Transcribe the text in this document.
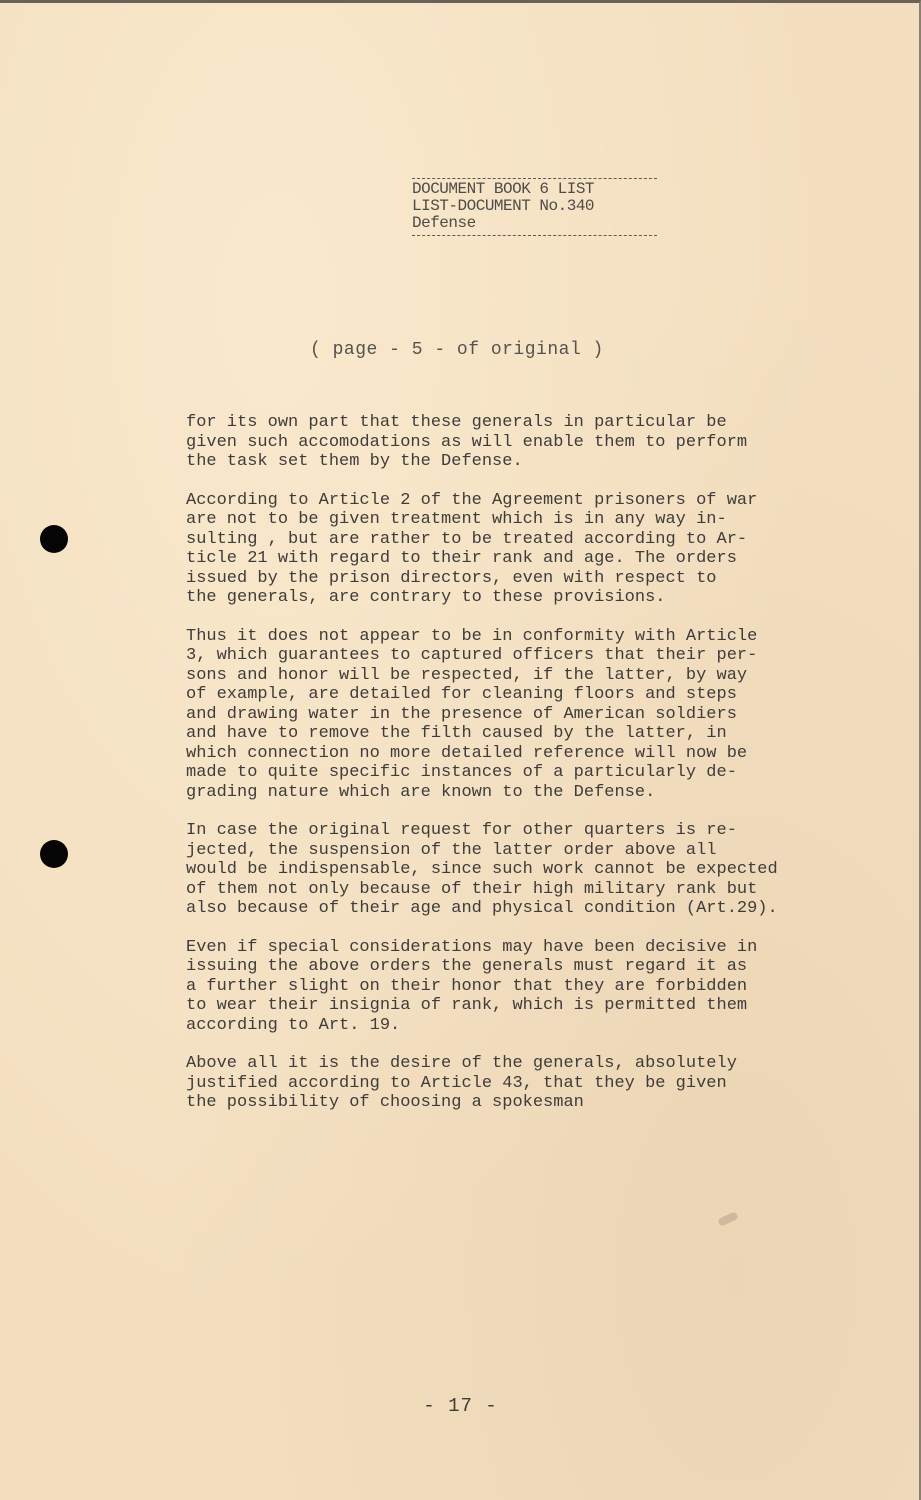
DOCUMENT BOOK 6 LIST
LIST-DOCUMENT No.340
Defense
( page - 5 - of original )
for its own part that these generals in particular be
given such accomodations as will enable them to perform
the task set them by the Defense.
According to Article 2 of the Agreement prisoners of war
are not to be given treatment which is in any way in-
sulting , but are rather to be treated according to Ar-
ticle 21 with regard to their rank and age. The orders
issued by the prison directors, even with respect to
the generals, are contrary to these provisions.
Thus it does not appear to be in conformity with Article
3, which guarantees to captured officers that their per-
sons and honor will be respected, if the latter, by way
of example, are detailed for cleaning floors and steps
and drawing water in the presence of American soldiers
and have to remove the filth caused by the latter, in
which connection no more detailed reference will now be
made to quite specific instances of a particularly de-
grading nature which are known to the Defense.
In case the original request for other quarters is re-
jected, the suspension of the latter order above all
would be indispensable, since such work cannot be expected
of them not only because of their high military rank but
also because of their age and physical condition (Art.29).
Even if special considerations may have been decisive in
issuing the above orders the generals must regard it as
a further slight on their honor that they are forbidden
to wear their insignia of rank, which is permitted them
according to Art. 19.
Above all it is the desire of the generals, absolutely
justified according to Article 43, that they be given
the possibility of choosing a spokesman
- 17 -
